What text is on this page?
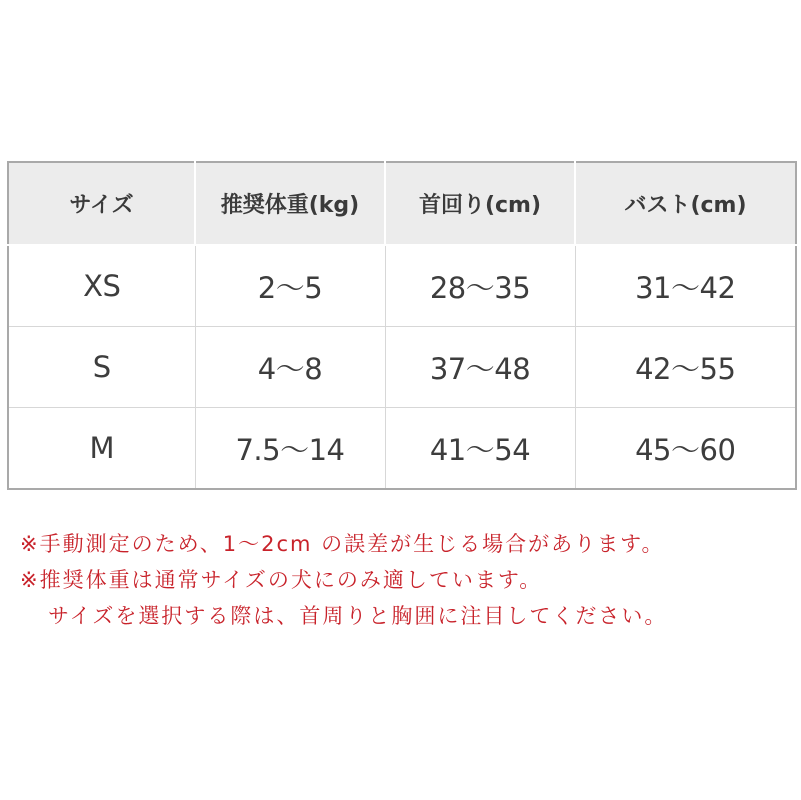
サイズ	推奨体重(kg)	首回り(cm)	バスト(cm)
XS	2〜5	28〜35	31〜42
S	4〜8	37〜48	42〜55
M	7.5〜14	41〜54	45〜60
※手動測定のため、1〜2cm の誤差が生じる場合があります。
※推奨体重は通常サイズの犬にのみ適しています。
サイズを選択する際は、首周りと胸囲に注目してください。
